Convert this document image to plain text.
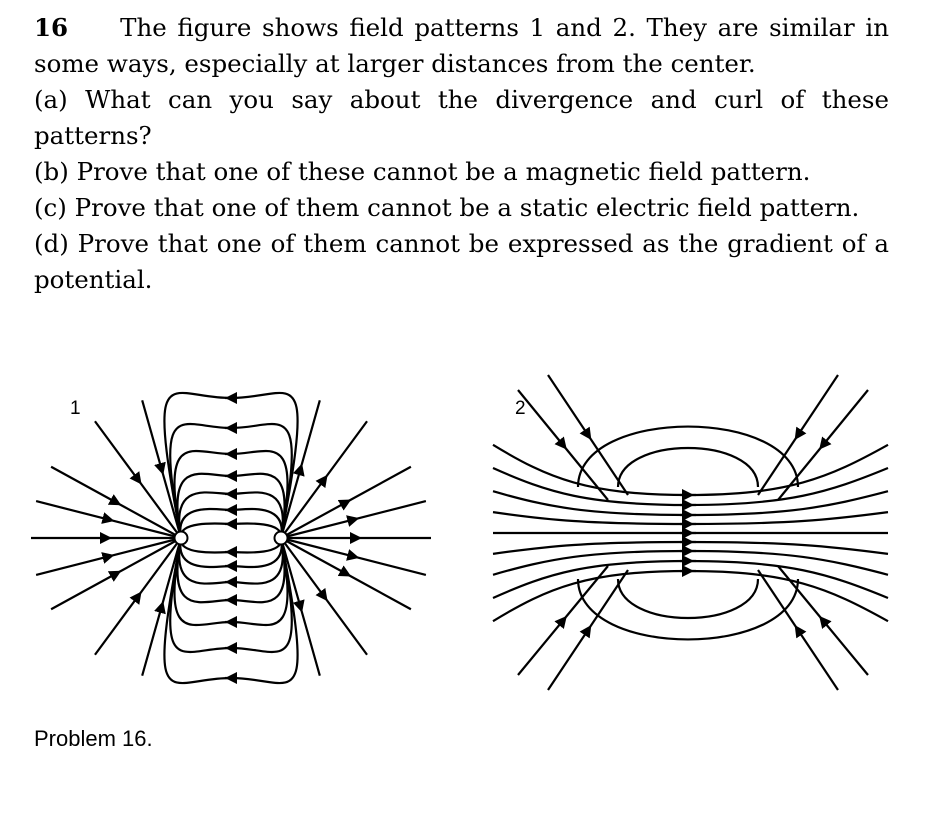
16 The figure shows field patterns 1 and 2. They are similar in some ways, especially at larger distances from the center.

(a) What can you say about the divergence and curl of these patterns?

(b) Prove that one of these cannot be a magnetic field pattern.

(c) Prove that one of them cannot be a static electric field pattern.

(d) Prove that one of them cannot be expressed as the gradient of a potential.

1	2
Problem 16.
